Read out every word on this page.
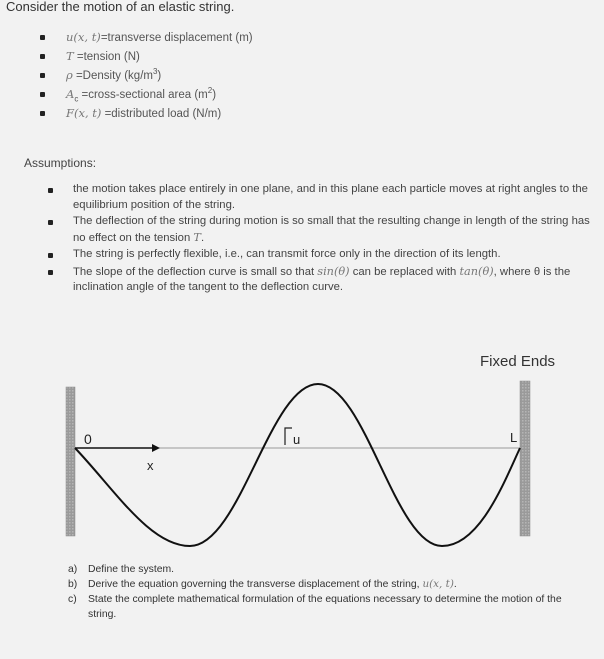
Consider the motion of an elastic string.
u(x, t)=transverse displacement (m)
T =tension (N)
ρ =Density $(kg/m^3)$
$A_c$ =cross-sectional area $(m^2)$
F(x, t) =distributed load (N/m)
Assumptions:
the motion takes place entirely in one plane, and in this plane each particle moves at right angles to the equilibrium position of the string.
The deflection of the string during motion is so small that the resulting change in length of the string has no effect on the tension T.
The string is perfectly flexible, i.e., can transmit force only in the direction of its length.
The slope of the deflection curve is small so that sin(θ) can be replaced with tan(θ), where θ is the inclination angle of the tangent to the deflection curve.
Fixed Ends
0
x
u	L
a) Define the system.
b) Derive the equation governing the transverse displacement of the string, u(x, t).
c) State the complete mathematical formulation of the equations necessary to determine the motion of the string.
